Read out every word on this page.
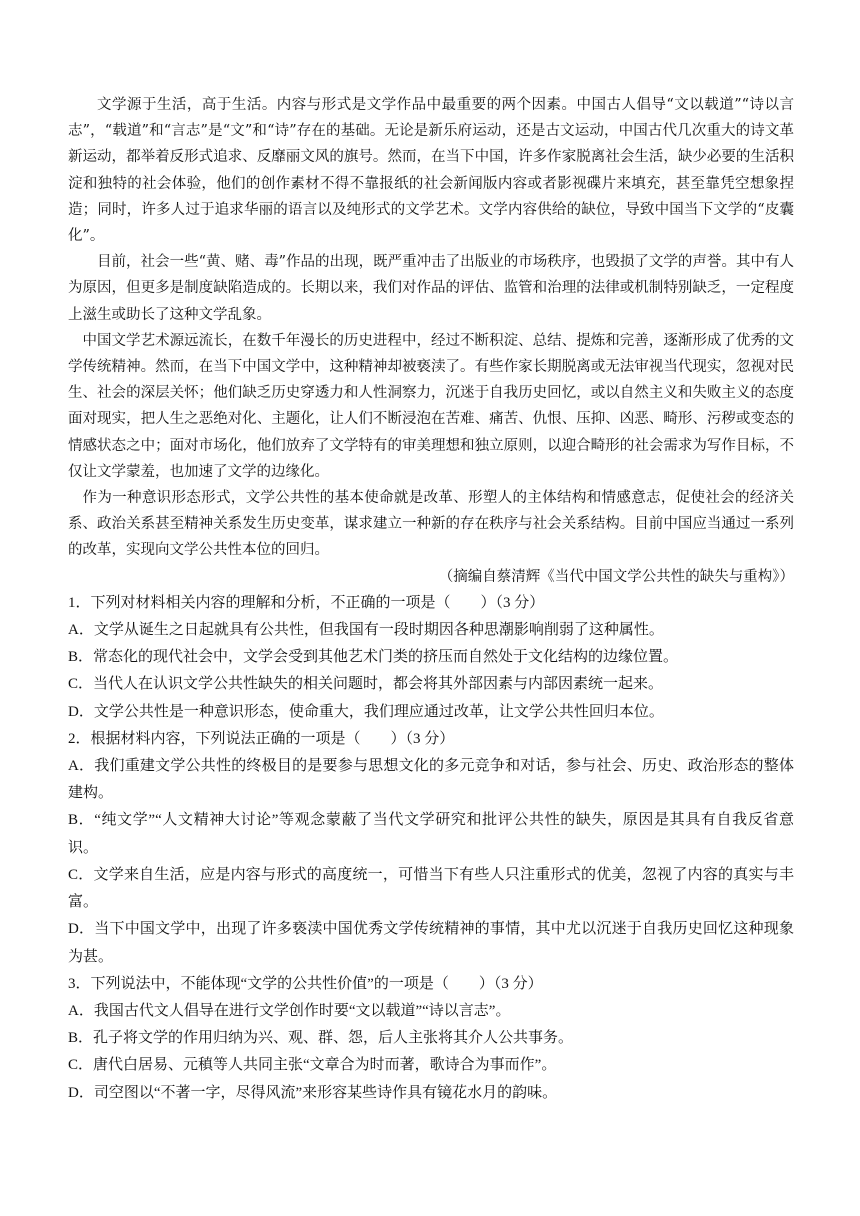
文学源于生活，高于生活。内容与形式是文学作品中最重要的两个因素。中国古人倡导“文以载道”“诗以言志”，“载道”和“言志”是“文”和“诗”存在的基础。无论是新乐府运动，还是古文运动，中国古代几次重大的诗文革新运动，都举着反形式追求、反靡丽文风的旗号。然而，在当下中国，许多作家脱离社会生活，缺少必要的生活积淀和独特的社会体验，他们的创作素材不得不靠报纸的社会新闻版内容或者影视碟片来填充，甚至靠凭空想象捏造；同时，许多人过于追求华丽的语言以及纯形式的文学艺术。文学内容供给的缺位，导致中国当下文学的“皮囊化”。

目前，社会一些“黄、赌、毒”作品的出现，既严重冲击了出版业的市场秩序，也毁损了文学的声誉。其中有人为原因，但更多是制度缺陷造成的。长期以来，我们对作品的评估、监管和治理的法律或机制特别缺乏，一定程度上滋生或助长了这种文学乱象。

中国文学艺术源远流长，在数千年漫长的历史进程中，经过不断积淀、总结、提炼和完善，逐渐形成了优秀的文学传统精神。然而，在当下中国文学中，这种精神却被亵渎了。有些作家长期脱离或无法审视当代现实，忽视对民生、社会的深层关怀；他们缺乏历史穿透力和人性洞察力，沉迷于自我历史回忆，或以自然主义和失败主义的态度面对现实，把人生之恶绝对化、主题化，让人们不断浸泡在苦难、痛苦、仇恨、压抑、凶恶、畸形、污秽或变态的情感状态之中；面对市场化，他们放弃了文学特有的审美理想和独立原则，以迎合畸形的社会需求为写作目标，不仅让文学蒙羞，也加速了文学的边缘化。

作为一种意识形态形式，文学公共性的基本使命就是改革、形塑人的主体结构和情感意志，促使社会的经济关系、政治关系甚至精神关系发生历史变革，谋求建立一种新的存在秩序与社会关系结构。目前中国应当通过一系列的改革，实现向文学公共性本位的回归。

（摘编自蔡清辉《当代中国文学公共性的缺失与重构》）

1．下列对材料相关内容的理解和分析，不正确的一项是（　　）（3 分）

A．文学从诞生之日起就具有公共性，但我国有一段时期因各种思潮影响削弱了这种属性。

B．常态化的现代社会中，文学会受到其他艺术门类的挤压而自然处于文化结构的边缘位置。

C．当代人在认识文学公共性缺失的相关问题时，都会将其外部因素与内部因素统一起来。

D．文学公共性是一种意识形态，使命重大，我们理应通过改革，让文学公共性回归本位。

2．根据材料内容，下列说法正确的一项是（　　）（3 分）

A．我们重建文学公共性的终极目的是要参与思想文化的多元竞争和对话，参与社会、历史、政治形态的整体建构。

B．“纯文学”“人文精神大讨论”等观念蒙蔽了当代文学研究和批评公共性的缺失，原因是其具有自我反省意识。

C．文学来自生活，应是内容与形式的高度统一，可惜当下有些人只注重形式的优美，忽视了内容的真实与丰富。

D．当下中国文学中，出现了许多亵渎中国优秀文学传统精神的事情，其中尤以沉迷于自我历史回忆这种现象为甚。

3．下列说法中，不能体现“文学的公共性价值”的一项是（　　）（3 分）

A．我国古代文人倡导在进行文学创作时要“文以载道”“诗以言志”。

B．孔子将文学的作用归纳为兴、观、群、怨，后人主张将其介人公共事务。

C．唐代白居易、元稹等人共同主张“文章合为时而著，歌诗合为事而作”。

D．司空图以“不著一字，尽得风流”来形容某些诗作具有镜花水月的韵味。
